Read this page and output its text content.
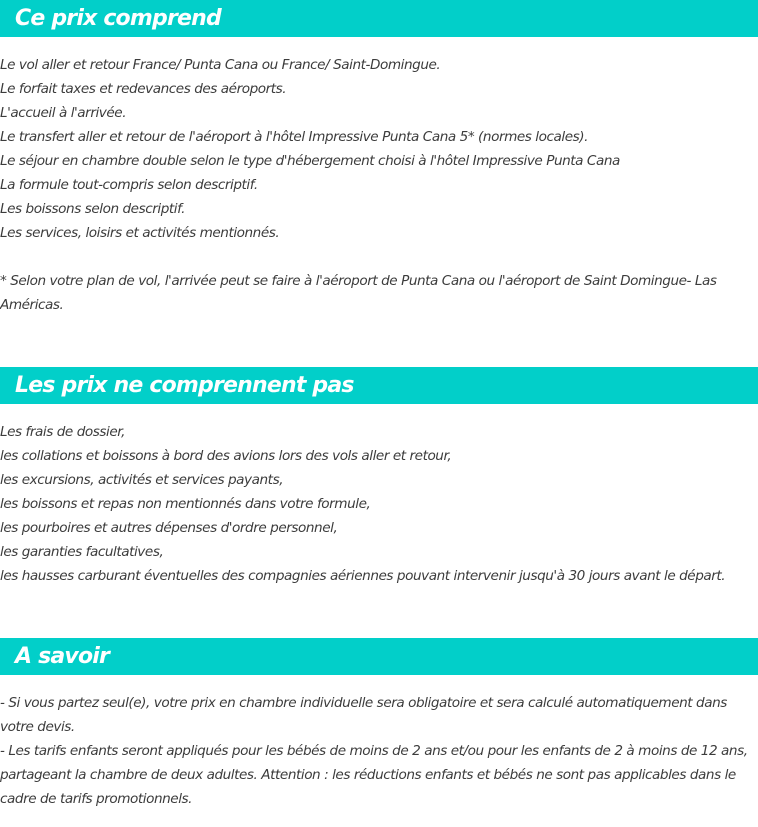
Ce prix comprend
Le vol aller et retour France/ Punta Cana ou France/ Saint-Domingue.
Le forfait taxes et redevances des aéroports.
L'accueil à l'arrivée.
Le transfert aller et retour de l'aéroport à l'hôtel Impressive Punta Cana 5* (normes locales).
Le séjour en chambre double selon le type d'hébergement choisi à l'hôtel Impressive Punta Cana
La formule tout-compris selon descriptif.
Les boissons selon descriptif.
Les services, loisirs et activités mentionnés.
* Selon votre plan de vol, l'arrivée peut se faire à l'aéroport de Punta Cana ou l'aéroport de Saint Domingue- Las Américas.
Les prix ne comprennent pas
Les frais de dossier,
les collations et boissons à bord des avions lors des vols aller et retour,
les excursions, activités et services payants,
les boissons et repas non mentionnés dans votre formule,
les pourboires et autres dépenses d'ordre personnel,
les garanties facultatives,
les hausses carburant éventuelles des compagnies aériennes pouvant intervenir jusqu'à 30 jours avant le départ.
A savoir
- Si vous partez seul(e), votre prix en chambre individuelle sera obligatoire et sera calculé automatiquement dans votre devis.
- Les tarifs enfants seront appliqués pour les bébés de moins de 2 ans et/ou pour les enfants de 2 à moins de 12 ans, partageant la chambre de deux adultes. Attention : les réductions enfants et bébés ne sont pas applicables dans le cadre de tarifs promotionnels.
